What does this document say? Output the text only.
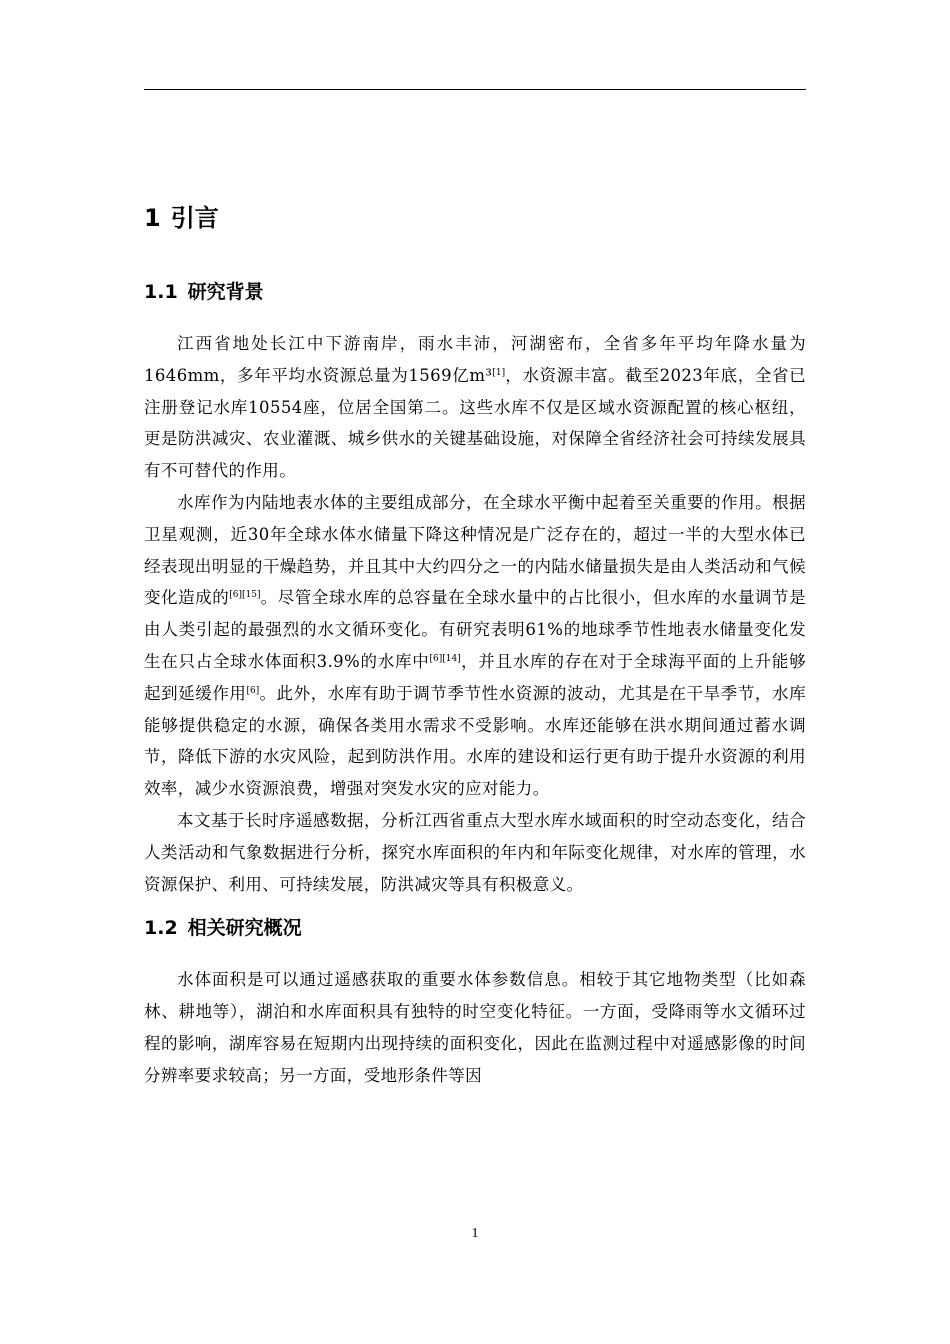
1 引言
1.1 研究背景

江西省地处长江中下游南岸，雨水丰沛，河湖密布，全省多年平均年降水量为1646mm，多年平均水资源总量为1569亿m³[1]，水资源丰富。截至2023年底，全省已注册登记水库10554座，位居全国第二。这些水库不仅是区域水资源配置的核心枢纽，更是防洪减灾、农业灌溉、城乡供水的关键基础设施，对保障全省经济社会可持续发展具有不可替代的作用。

水库作为内陆地表水体的主要组成部分，在全球水平衡中起着至关重要的作用。根据卫星观测，近30年全球水体水储量下降这种情况是广泛存在的，超过一半的大型水体已经表现出明显的干燥趋势，并且其中大约四分之一的内陆水储量损失是由人类活动和气候变化造成的[6][15]。尽管全球水库的总容量在全球水量中的占比很小，但水库的水量调节是由人类引起的最强烈的水文循环变化。有研究表明61%的地球季节性地表水储量变化发生在只占全球水体面积3.9%的水库中[6][14]，并且水库的存在对于全球海平面的上升能够起到延缓作用[6]。此外，水库有助于调节季节性水资源的波动，尤其是在干旱季节，水库能够提供稳定的水源，确保各类用水需求不受影响。水库还能够在洪水期间通过蓄水调节，降低下游的水灾风险，起到防洪作用。水库的建设和运行更有助于提升水资源的利用效率，减少水资源浪费，增强对突发水灾的应对能力。

本文基于长时序遥感数据，分析江西省重点大型水库水域面积的时空动态变化，结合人类活动和气象数据进行分析，探究水库面积的年内和年际变化规律，对水库的管理，水资源保护、利用、可持续发展，防洪减灾等具有积极意义。

1.2 相关研究概况

水体面积是可以通过遥感获取的重要水体参数信息。相较于其它地物类型（比如森林、耕地等），湖泊和水库面积具有独特的时空变化特征。一方面，受降雨等水文循环过程的影响，湖库容易在短期内出现持续的面积变化，因此在监测过程中对遥感影像的时间分辨率要求较高；另一方面，受地形条件等因

1
